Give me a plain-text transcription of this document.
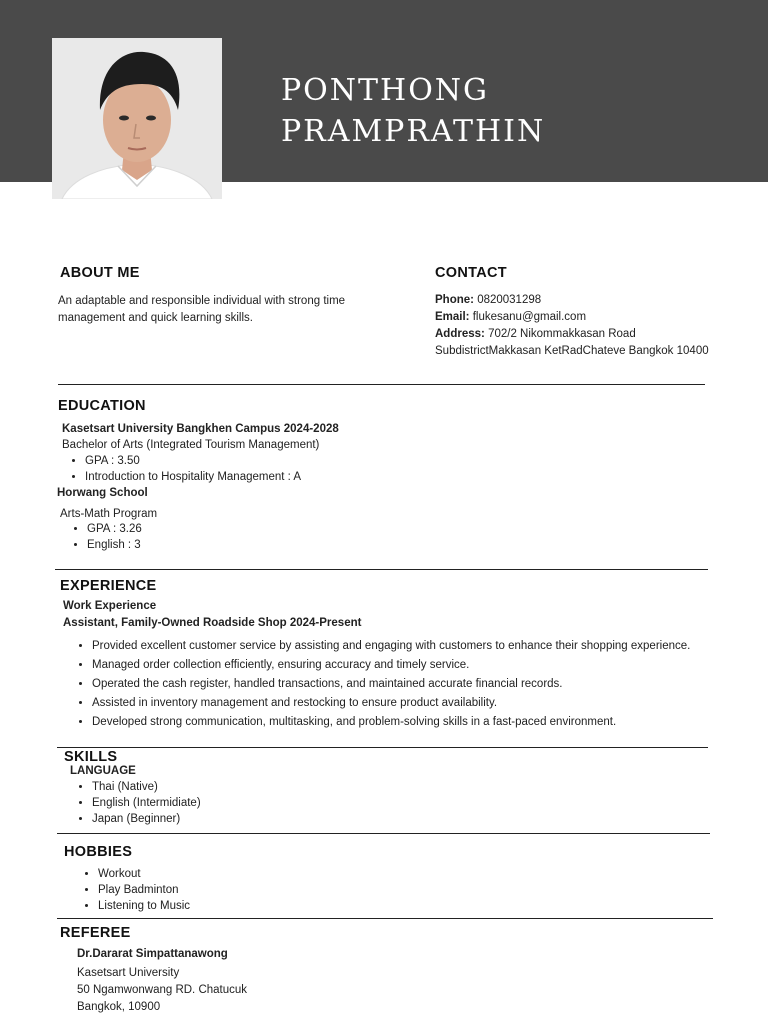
PONTHONG
PRAMPRATHIN
ABOUT ME
An adaptable and responsible individual with strong time
management and quick learning skills.
CONTACT
Phone: 0820031298
Email: flukesanu@gmail.com
Address: 702/2 Nikommakkasan Road
SubdistrictMakkasan KetRadChateve Bangkok 10400
EDUCATION
Kasetsart University Bangkhen Campus 2024-2028
Bachelor of Arts (Integrated Tourism Management)
• GPA : 3.50
• Introduction to Hospitality Management : A
Horwang School
Arts-Math Program
• GPA : 3.26
• English : 3
EXPERIENCE
Work Experience
Assistant, Family-Owned Roadside Shop 2024-Present
• Provided excellent customer service by assisting and engaging with customers to enhance their shopping experience.
• Managed order collection efficiently, ensuring accuracy and timely service.
• Operated the cash register, handled transactions, and maintained accurate financial records.
• Assisted in inventory management and restocking to ensure product availability.
• Developed strong communication, multitasking, and problem-solving skills in a fast-paced environment.
SKILLS
LANGUAGE
• Thai (Native)
• English (Intermidiate)
• Japan (Beginner)
HOBBIES
• Workout
• Play Badminton
• Listening to Music
REFEREE
Dr.Dararat Simpattanawong
Kasetsart University
50 Ngamwonwang RD. Chatucuk
Bangkok, 10900
